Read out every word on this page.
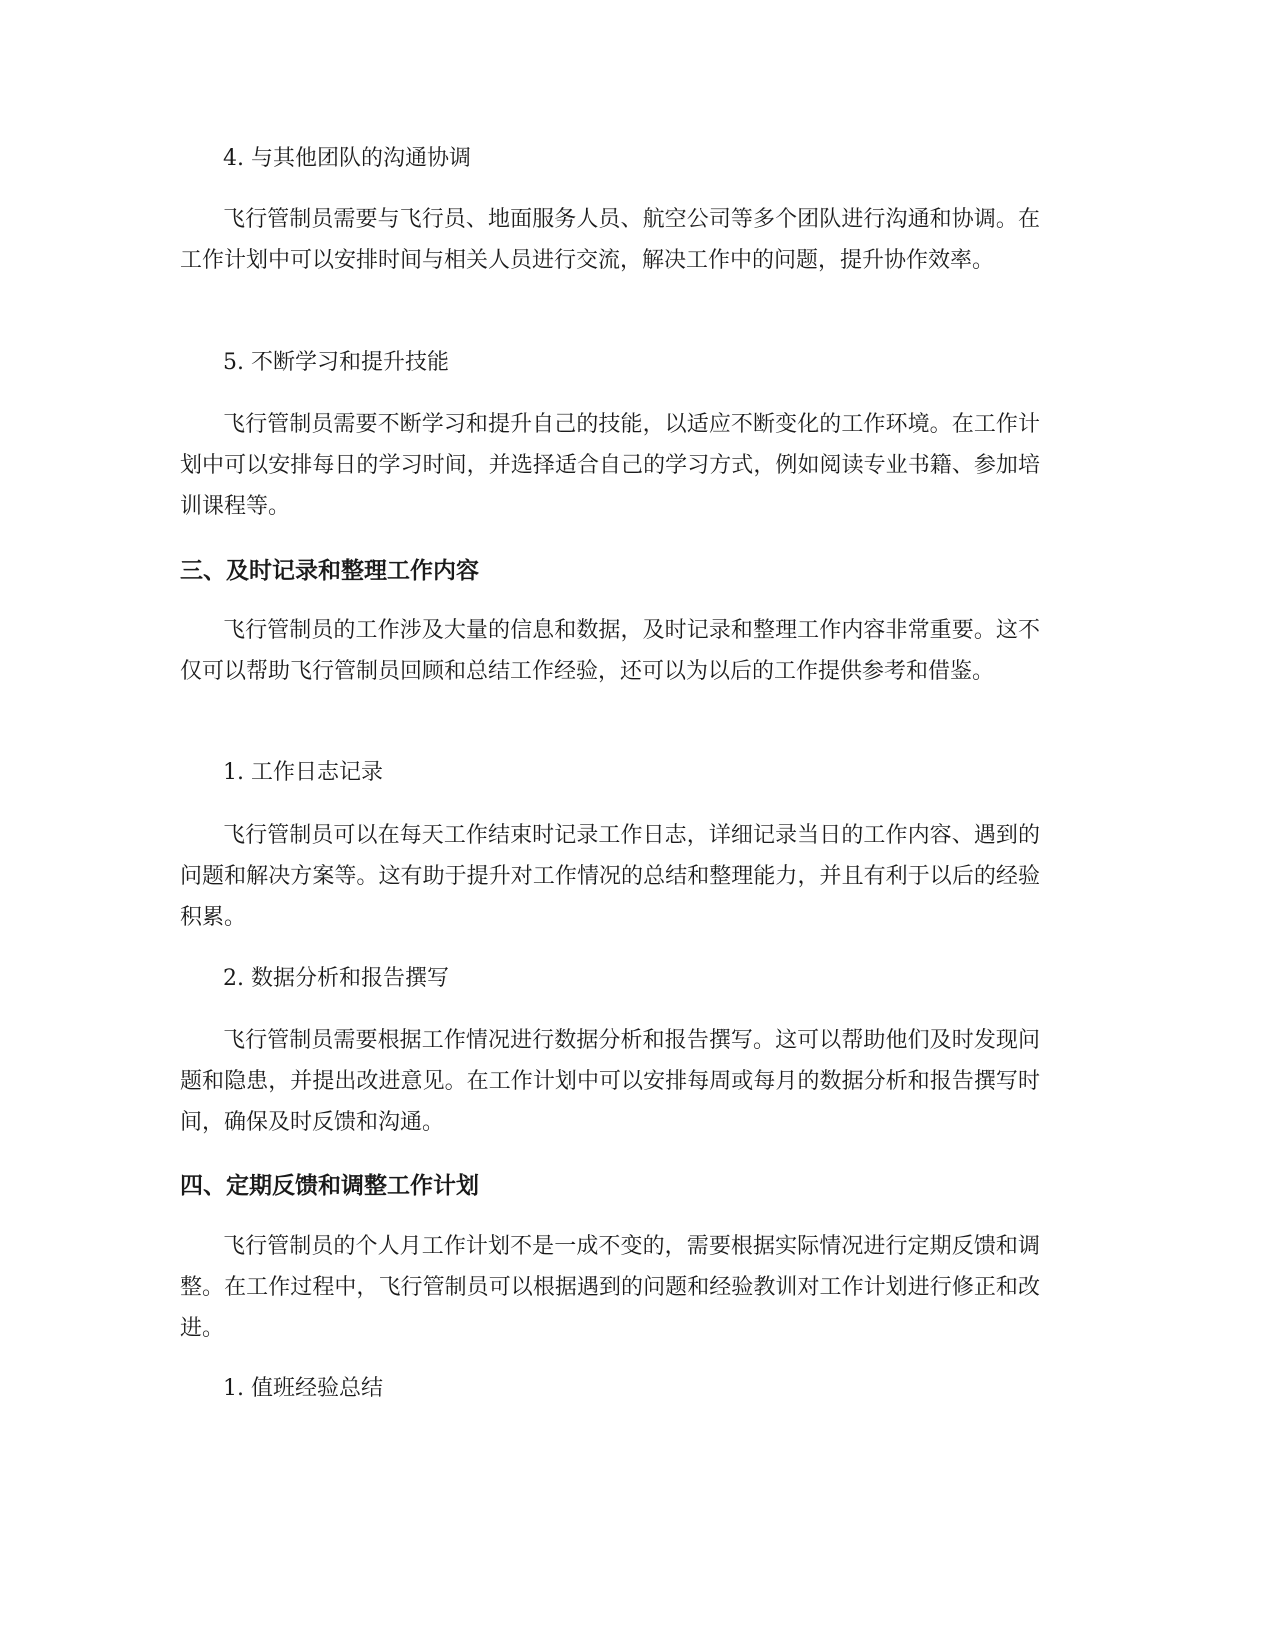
4. 与其他团队的沟通协调

飞行管制员需要与飞行员、地面服务人员、航空公司等多个团队进行沟通和协调。在工作计划中可以安排时间与相关人员进行交流，解决工作中的问题，提升协作效率。

5. 不断学习和提升技能

飞行管制员需要不断学习和提升自己的技能，以适应不断变化的工作环境。在工作计划中可以安排每日的学习时间，并选择适合自己的学习方式，例如阅读专业书籍、参加培训课程等。

三、及时记录和整理工作内容

飞行管制员的工作涉及大量的信息和数据，及时记录和整理工作内容非常重要。这不仅可以帮助飞行管制员回顾和总结工作经验，还可以为以后的工作提供参考和借鉴。

1. 工作日志记录

飞行管制员可以在每天工作结束时记录工作日志，详细记录当日的工作内容、遇到的问题和解决方案等。这有助于提升对工作情况的总结和整理能力，并且有利于以后的经验积累。

2. 数据分析和报告撰写

飞行管制员需要根据工作情况进行数据分析和报告撰写。这可以帮助他们及时发现问题和隐患，并提出改进意见。在工作计划中可以安排每周或每月的数据分析和报告撰写时间，确保及时反馈和沟通。

四、定期反馈和调整工作计划

飞行管制员的个人月工作计划不是一成不变的，需要根据实际情况进行定期反馈和调整。在工作过程中，飞行管制员可以根据遇到的问题和经验教训对工作计划进行修正和改进。

1. 值班经验总结
